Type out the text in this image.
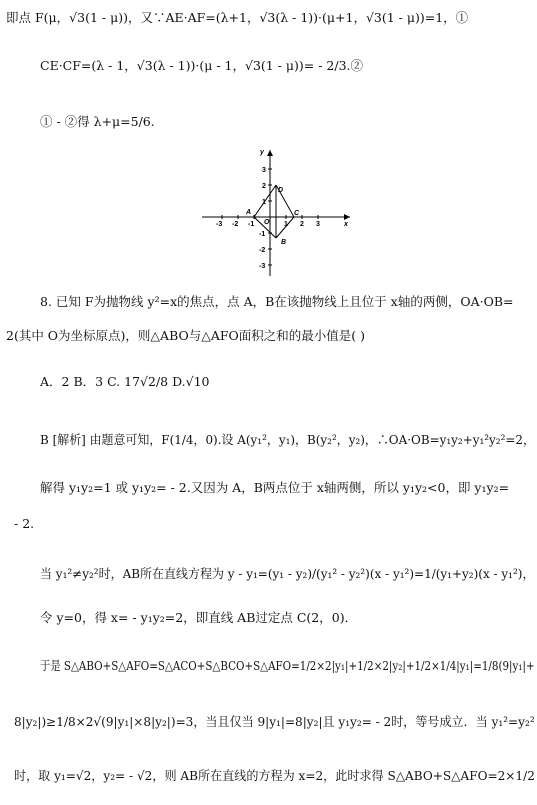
即点 F(μ，√3(1 - μ))，又∵AE·AF=(λ+1，√3(λ - 1))·(μ+1，√3(1 - μ))=1，①
CE·CF=(λ - 1，√3(λ - 1))·(μ - 1，√3(1 - μ))= - 2/3.②
① - ②得 λ+μ=5/6.
-3 -2 -1	1 2 3
3
2
1
-1
-2
-3
x
y
O
A
B
C
D
8. 已知 F为抛物线 y²=x的焦点，点 A，B在该抛物线上且位于 x轴的两侧，OA·OB=
2(其中 O为坐标原点)，则△ABO与△AFO面积之和的最小值是( )
A．2 B．3 C. 17√2/8 D.√10
B [解析] 由题意可知，F(1/4，0).设 A(y₁²，y₁)，B(y₂²，y₂)，∴OA·OB=y₁y₂+y₁²y₂²=2，
解得 y₁y₂=1 或 y₁y₂= - 2.又因为 A，B两点位于 x轴两侧，所以 y₁y₂<0，即 y₁y₂=
- 2.
当 y₁²≠y₂²时，AB所在直线方程为 y - y₁=(y₁ - y₂)/(y₁² - y₂²)(x - y₁²)=1/(y₁+y₂)(x - y₁²)，
令 y=0，得 x= - y₁y₂=2，即直线 AB过定点 C(2，0)．
于是 S△ABO+S△AFO=S△ACO+S△BCO+S△AFO=1/2×2|y₁|+1/2×2|y₂|+1/2×1/4|y₁|=1/8(9|y₁|+
8|y₂|)≥1/8×2√(9|y₁|×8|y₂|)=3，当且仅当 9|y₁|=8|y₂|且 y₁y₂= - 2时，等号成立．当 y₁²=y₂²
时，取 y₁=√2，y₂= - √2，则 AB所在直线的方程为 x=2，此时求得 S△ABO+S△AFO=2×1/2
